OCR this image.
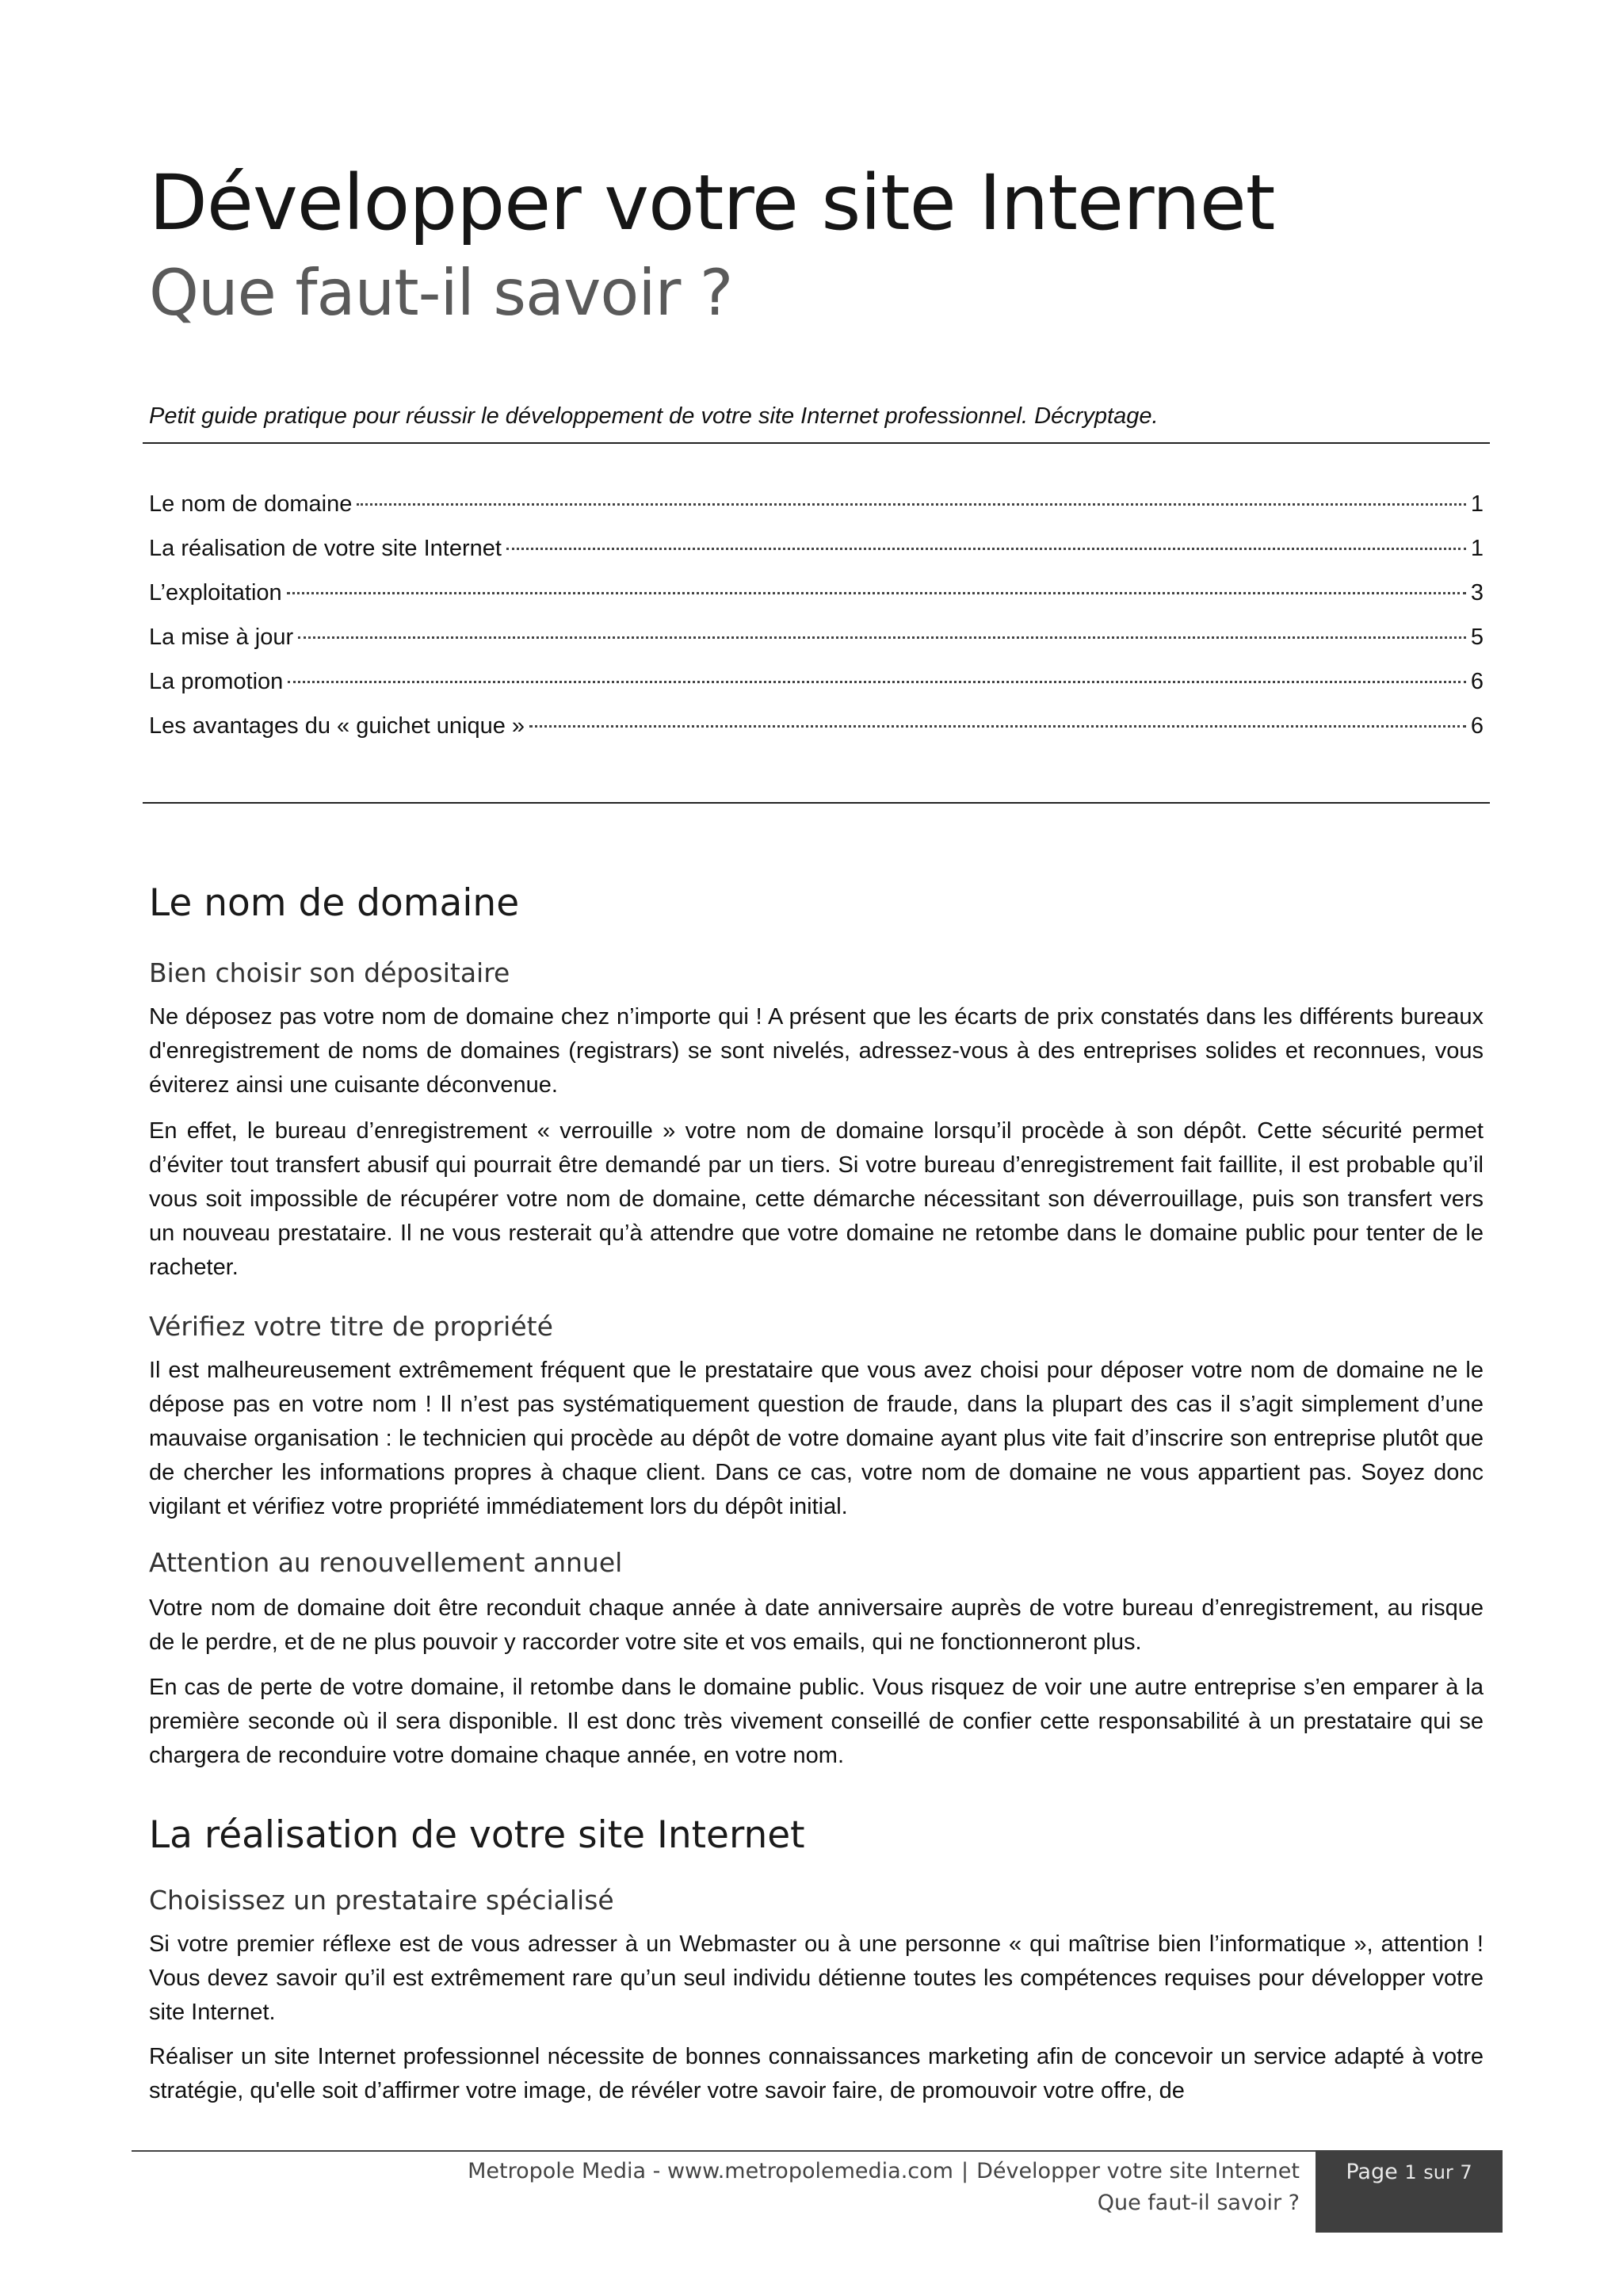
Développer votre site Internet
Que faut-il savoir ?

Petit guide pratique pour réussir le développement de votre site Internet professionnel. Décryptage.

Le nom de domaine	1
La réalisation de votre site Internet	1
L’exploitation	3
La mise à jour	5
La promotion	6
Les avantages du « guichet unique »	6
Le nom de domaine
Bien choisir son dépositaire

Ne déposez pas votre nom de domaine chez n’importe qui ! A présent que les écarts de prix constatés dans les différents bureaux d'enregistrement de noms de domaines (registrars) se sont nivelés, adressez-vous à des entreprises solides et reconnues, vous éviterez ainsi une cuisante déconvenue.

En effet, le bureau d’enregistrement « verrouille » votre nom de domaine lorsqu’il procède à son dépôt. Cette sécurité permet d’éviter tout transfert abusif qui pourrait être demandé par un tiers. Si votre bureau d’enregistrement fait faillite, il est probable qu’il vous soit impossible de récupérer votre nom de domaine, cette démarche nécessitant son déverrouillage, puis son transfert vers un nouveau prestataire. Il ne vous resterait qu’à attendre que votre domaine ne retombe dans le domaine public pour tenter de le racheter.

Vérifiez votre titre de propriété

Il est malheureusement extrêmement fréquent que le prestataire que vous avez choisi pour déposer votre nom de domaine ne le dépose pas en votre nom ! Il n’est pas systématiquement question de fraude, dans la plupart des cas il s’agit simplement d’une mauvaise organisation : le technicien qui procède au dépôt de votre domaine ayant plus vite fait d’inscrire son entreprise plutôt que de chercher les informations propres à chaque client. Dans ce cas, votre nom de domaine ne vous appartient pas. Soyez donc vigilant et vérifiez votre propriété immédiatement lors du dépôt initial.

Attention au renouvellement annuel

Votre nom de domaine doit être reconduit chaque année à date anniversaire auprès de votre bureau d’enregistrement, au risque de le perdre, et de ne plus pouvoir y raccorder votre site et vos emails, qui ne fonctionneront plus.

En cas de perte de votre domaine, il retombe dans le domaine public. Vous risquez de voir une autre entreprise s’en emparer à la première seconde où il sera disponible. Il est donc très vivement conseillé de confier cette responsabilité à un prestataire qui se chargera de reconduire votre domaine chaque année, en votre nom.

La réalisation de votre site Internet
Choisissez un prestataire spécialisé

Si votre premier réflexe est de vous adresser à un Webmaster ou à une personne « qui maîtrise bien l’informatique », attention ! Vous devez savoir qu’il est extrêmement rare qu’un seul individu détienne toutes les compétences requises pour développer votre site Internet.

Réaliser un site Internet professionnel nécessite de bonnes connaissances marketing afin de concevoir un service adapté à votre stratégie, qu'elle soit d’affirmer votre image, de révéler votre savoir faire, de promouvoir votre offre, de

Metropole Media - www.metropolemedia.com | Développer votre site Internet
Que faut-il savoir ?
Page 1 sur 7
